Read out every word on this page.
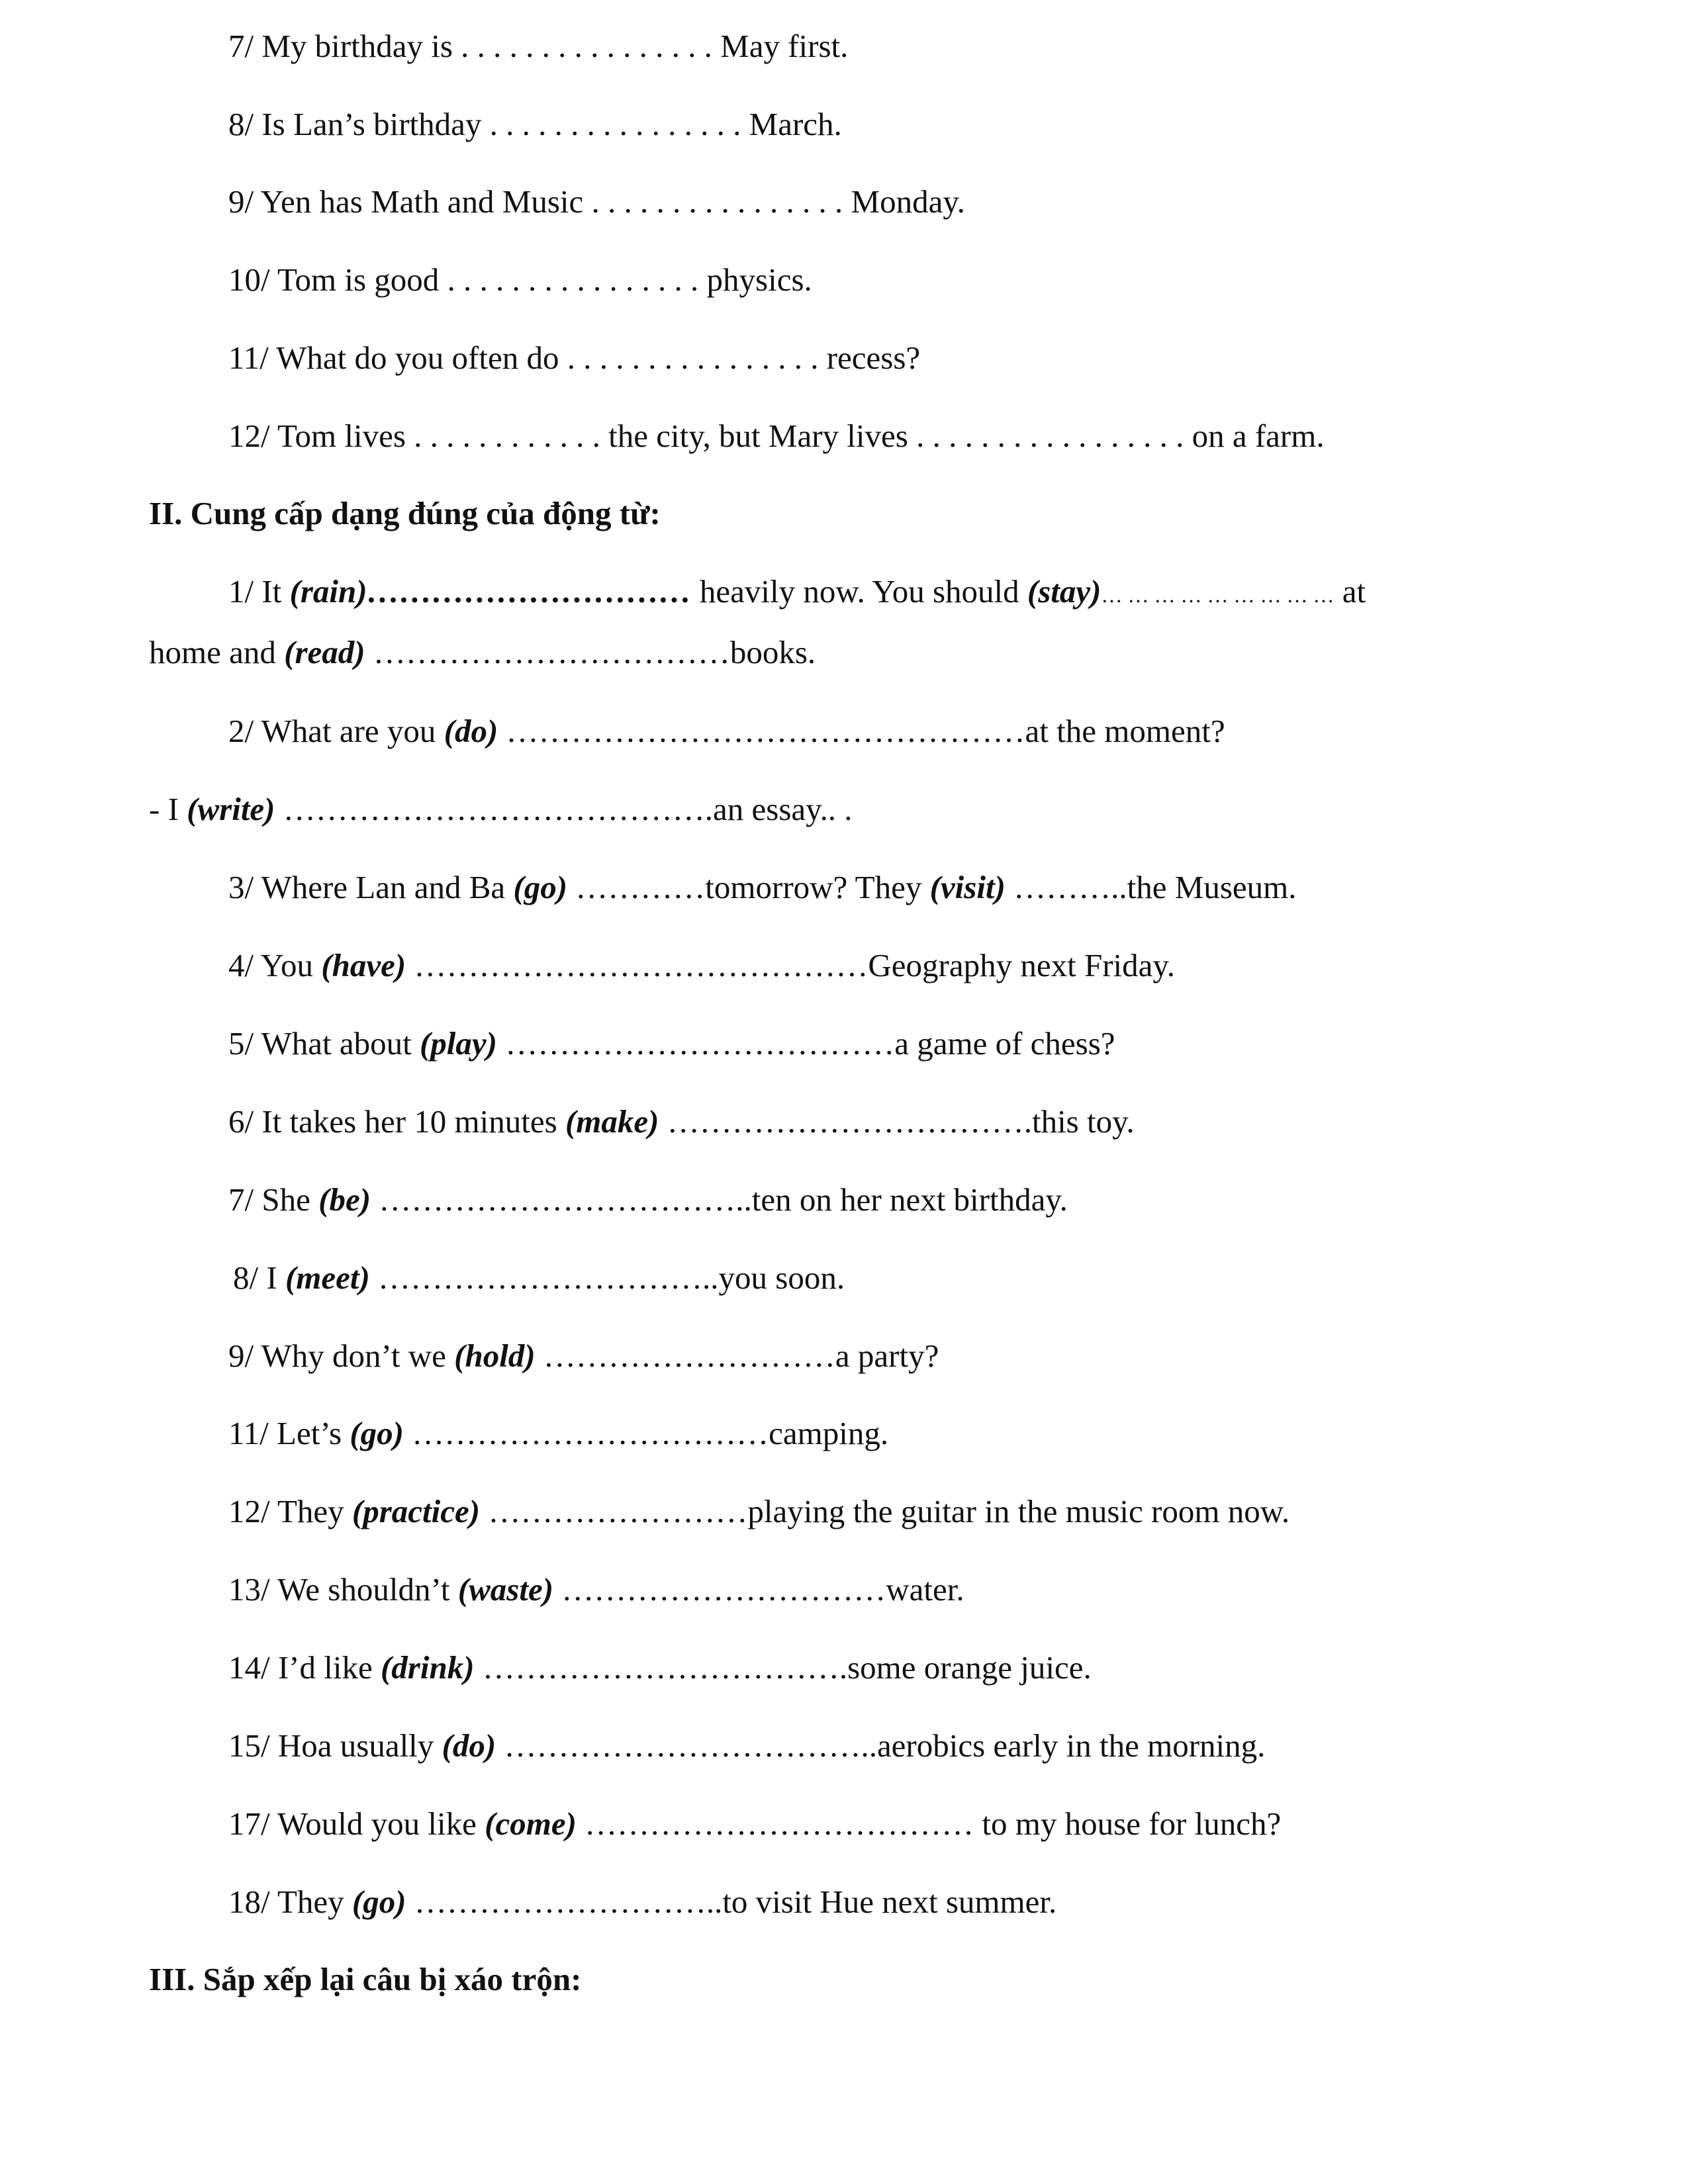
7/ My birthday is . . . . . . . . . . . . . . . . May first.
8/ Is Lan’s birthday . . . . . . . . . . . . . . . . March.
9/ Yen has Math and Music . . . . . . . . . . . . . . . . Monday.
10/ Tom is good . . . . . . . . . . . . . . . . physics.
11/ What do you often do . . . . . . . . . . . . . . . . recess?
12/ Tom lives . . . . . . . . . . . . the city, but Mary lives . . . . . . . . . . . . . . . . . on a farm.
II. Cung cấp dạng đúng của động từ:
1/ It (rain)………………………… heavily now. You should (stay)… … … … … … … … … at
home and (read) ……………………………books.
2/ What are you (do) …………………………………………at the moment?
- I (write) ………………………………….an essay.. .
3/ Where Lan and Ba (go) …………tomorrow? They (visit) ………..the Museum.
4/ You (have) ……………………………………Geography next Friday.
5/ What about (play) ………………………………a game of chess?
6/ It takes her 10 minutes (make) …………………………….this toy.
7/ She (be) ……………………………..ten on her next birthday.
8/ I (meet) …………………………..you soon.
9/ Why don’t we (hold) ………………………a party?
11/ Let’s (go) ……………………………camping.
12/ They (practice) ……………………playing the guitar in the music room now.
13/ We shouldn’t (waste) …………………………water.
14/ I’d like (drink) …………………………….some orange juice.
15/ Hoa usually (do) ……………………………..aerobics early in the morning.
17/ Would you like (come) ……………………………… to my house for lunch?
18/ They (go) ………………………..to visit Hue next summer.
III. Sắp xếp lại câu bị xáo trộn:
